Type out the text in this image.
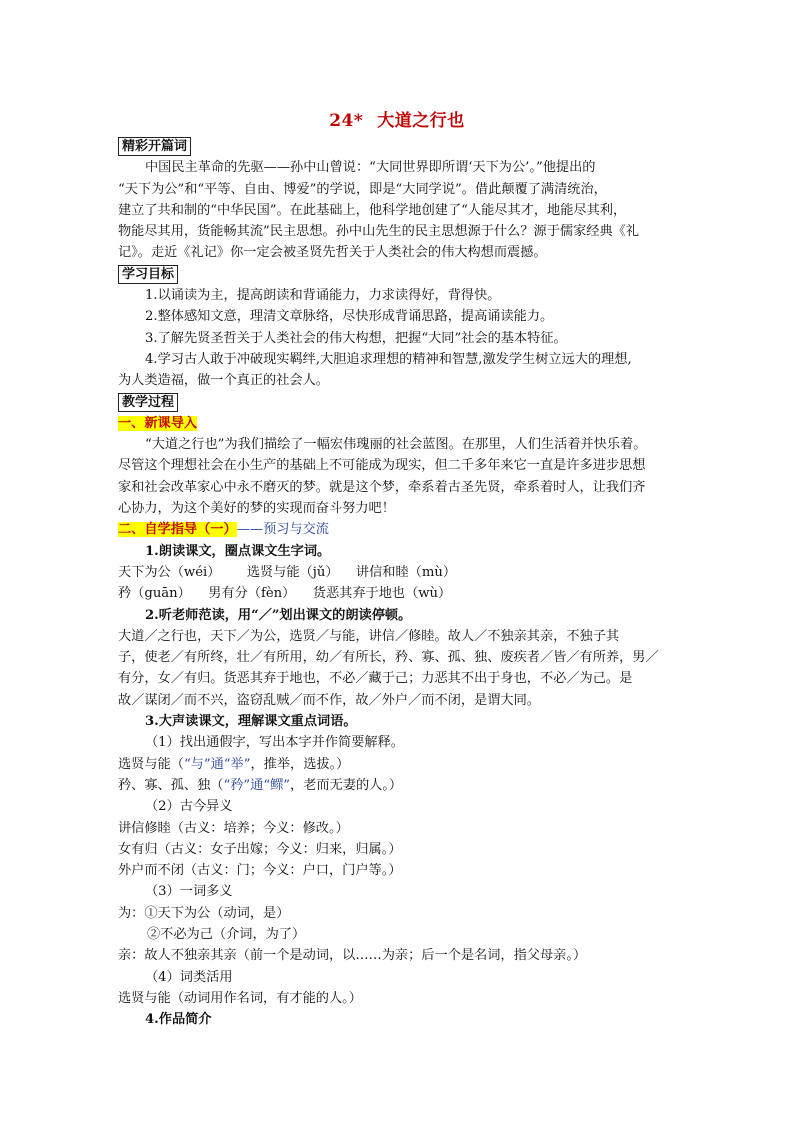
24* 大道之行也
精彩开篇词

中国民主革命的先驱——孙中山曾说：“大同世界即所谓‘天下为公’。”他提出的

“天下为公”和“平等、自由、博爱”的学说，即是“大同学说”。借此颠覆了满清统治，

建立了共和制的“中华民国”。在此基础上，他科学地创建了“人能尽其才，地能尽其利，

物能尽其用，货能畅其流”民主思想。孙中山先生的民主思想源于什么？源于儒家经典《礼

记》。走近《礼记》你一定会被圣贤先哲关于人类社会的伟大构想而震撼。

学习目标

1.以诵读为主，提高朗读和背诵能力，力求读得好，背得快。

2.整体感知文意，理清文章脉络，尽快形成背诵思路，提高诵读能力。

3.了解先贤圣哲关于人类社会的伟大构想，把握“大同”社会的基本特征。

4.学习古人敢于冲破现实羁绊,大胆追求理想的精神和智慧,激发学生树立远大的理想,

为人类造福，做一个真正的社会人。

教学过程

一、新课导入

“大道之行也”为我们描绘了一幅宏伟瑰丽的社会蓝图。在那里，人们生活着并快乐着。

尽管这个理想社会在小生产的基础上不可能成为现实，但二千多年来它一直是许多进步思想

家和社会改革家心中永不磨灭的梦。就是这个梦，牵系着古圣先贤，牵系着时人，让我们齐

心协力，为这个美好的梦的实现而奋斗努力吧！

二、自学指导（一）——预习与交流

1.朗读课文，圈点课文生字词。

天下为公（wéi）   选贤与能（jǔ）  讲信和睦（mù）

矜（guān）  男有分（fèn）  货恶其弃于地也（wù）

2.听老师范读，用“／”划出课文的朗读停顿。

大道／之行也，天下／为公，选贤／与能，讲信／修睦。故人／不独亲其亲，不独子其

子，使老／有所终，壮／有所用，幼／有所长，矜、寡、孤、独、废疾者／皆／有所养，男／

有分，女／有归。货恶其弃于地也，不必／藏于己；力恶其不出于身也，不必／为己。是

故／谋闭／而不兴，盗窃乱贼／而不作，故／外户／而不闭，是谓大同。

3.大声读课文，理解课文重点词语。

（1）找出通假字，写出本字并作简要解释。

选贤与能（“与”通“举”，推举，选拔。）

矜、寡、孤、独（“矜”通“鳏”，老而无妻的人。）

（2）古今异义

讲信修睦（古义：培养；今义：修改。）

女有归（古义：女子出嫁；今义：归来，归属。）

外户而不闭（古义：门；今义：户口，门户等。）

（3）一词多义

为：①天下为公（动词，是）

②不必为己（介词，为了）

亲：故人不独亲其亲（前一个是动词，以……为亲；后一个是名词，指父母亲。）

（4）词类活用

选贤与能（动词用作名词，有才能的人。）

4.作品简介
